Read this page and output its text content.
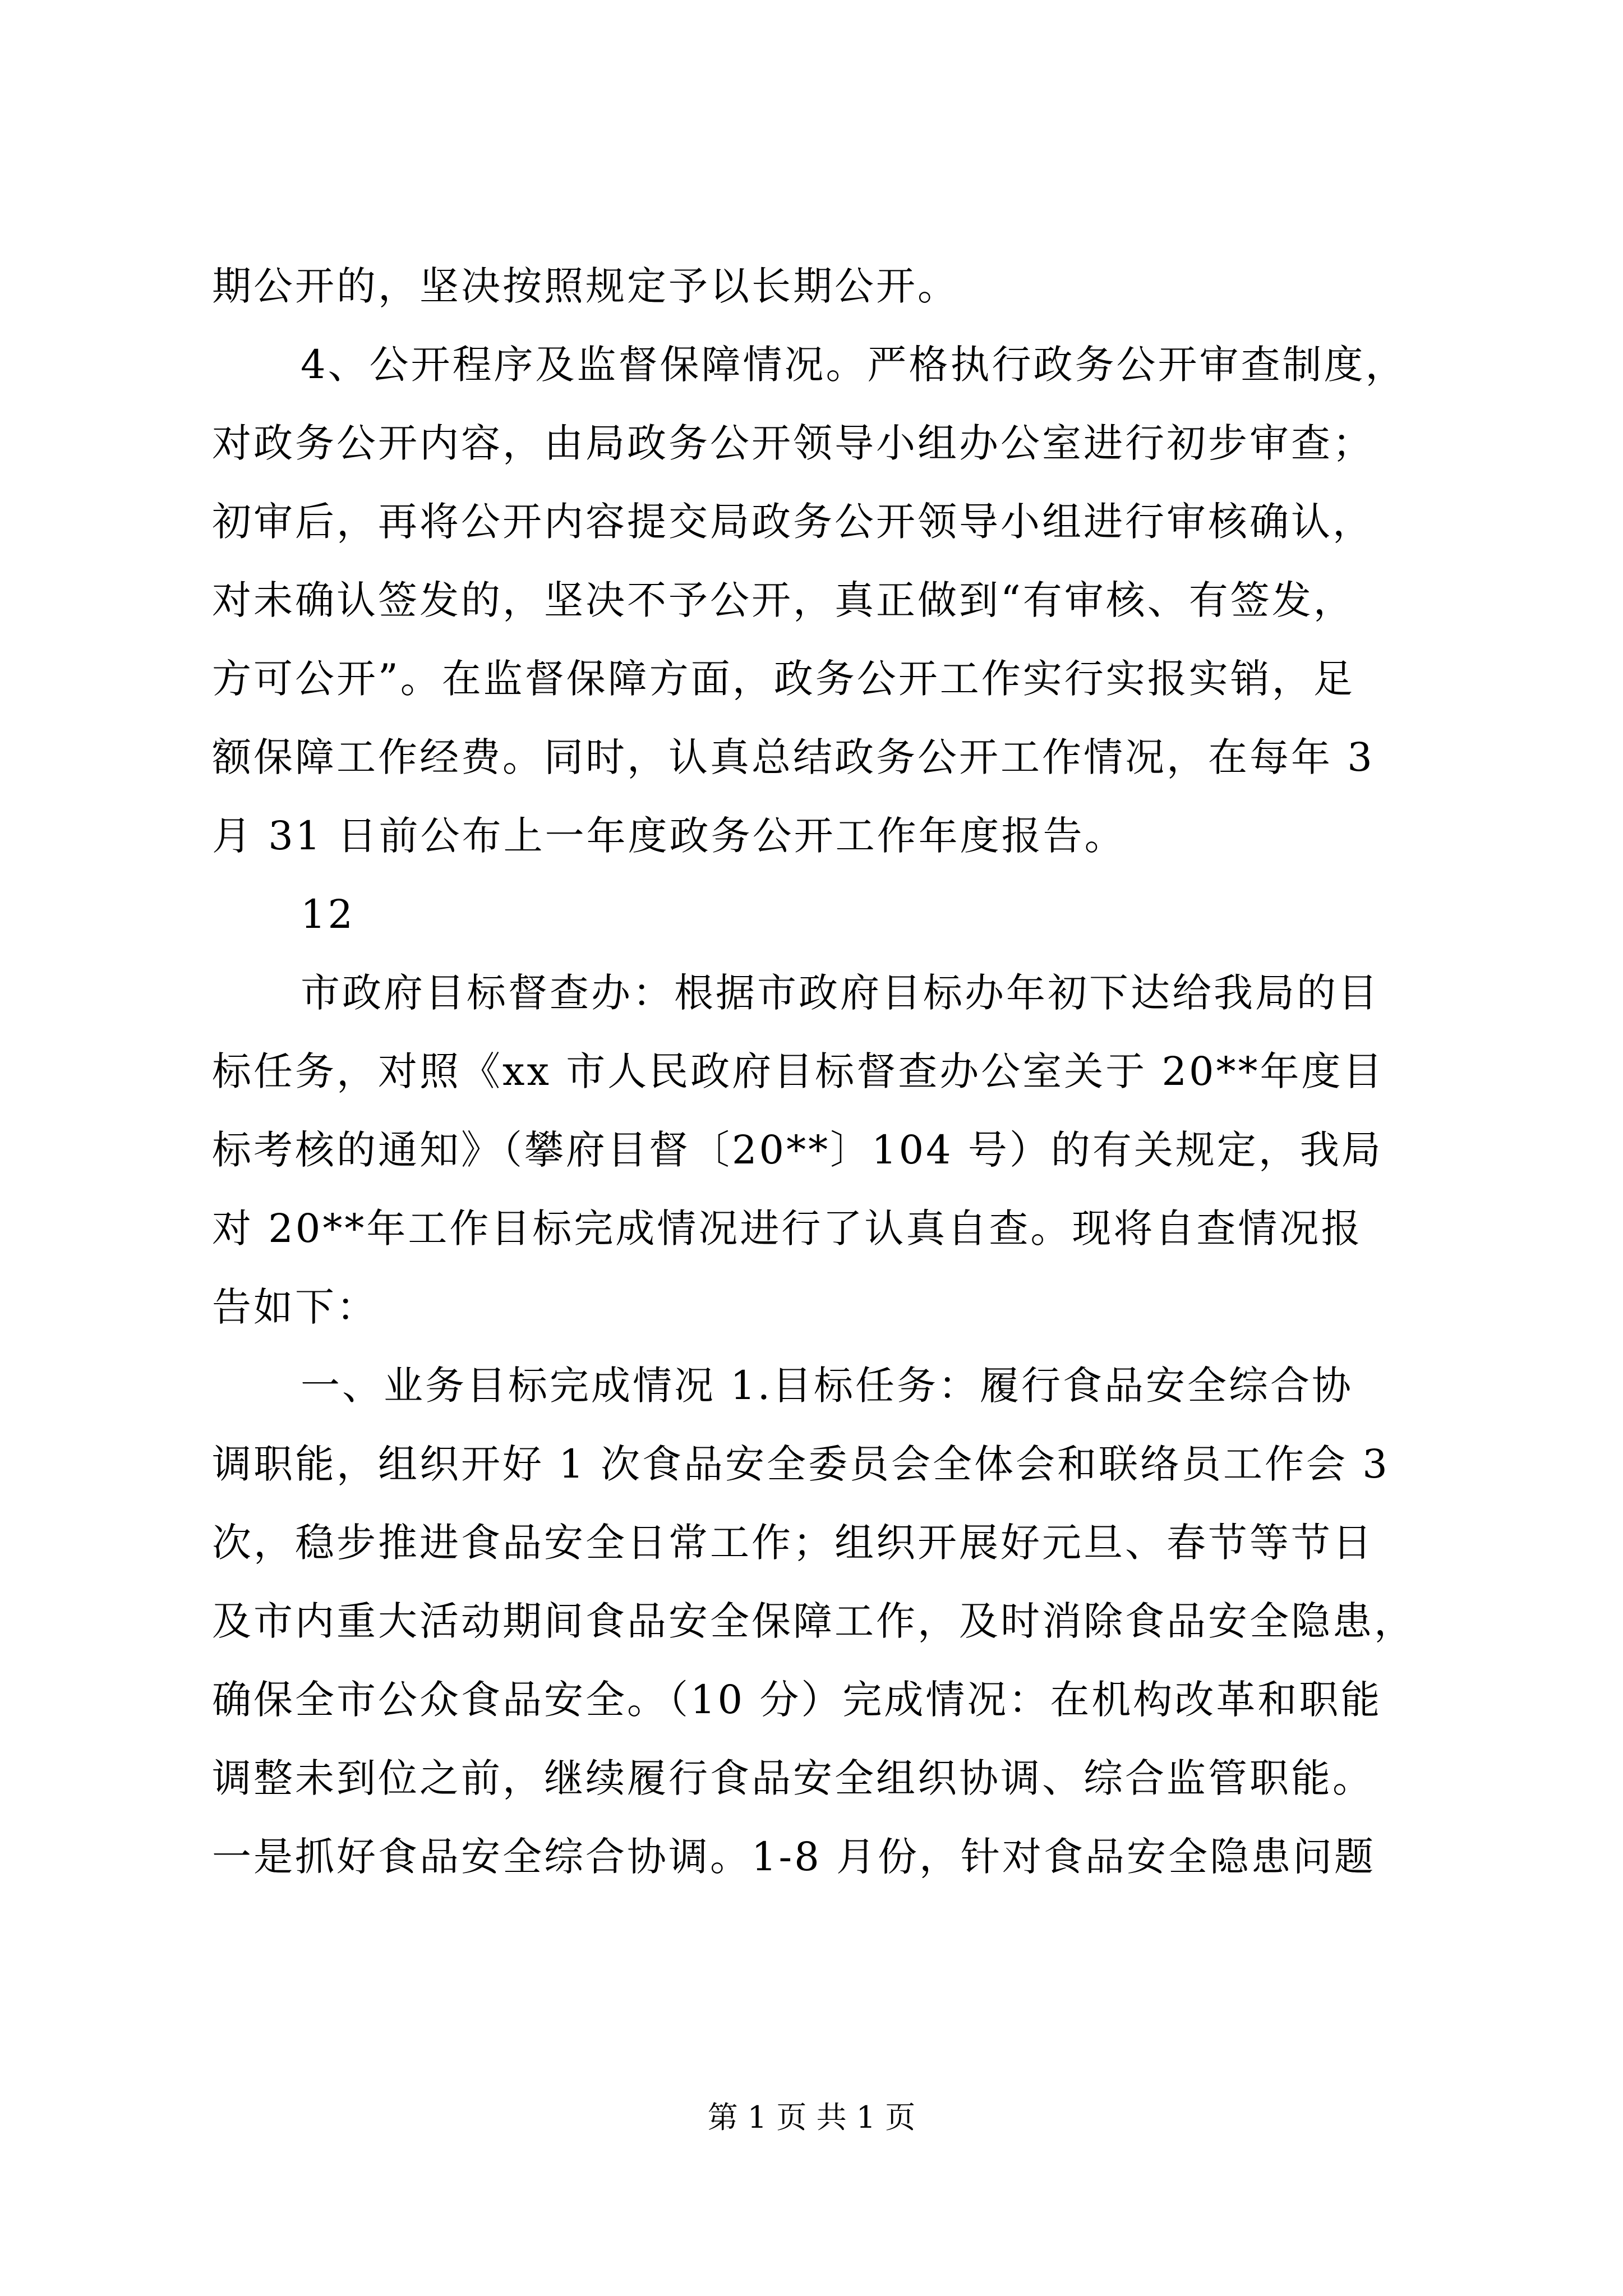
期公开的，坚决按照规定予以长期公开。
4、公开程序及监督保障情况。严格执行政务公开审查制度，
对政务公开内容，由局政务公开领导小组办公室进行初步审查；
初审后，再将公开内容提交局政务公开领导小组进行审核确认，
对未确认签发的，坚决不予公开，真正做到“有审核、有签发，
方可公开”。在监督保障方面，政务公开工作实行实报实销，足
额保障工作经费。同时，认真总结政务公开工作情况，在每年 3
月 31 日前公布上一年度政务公开工作年度报告。
12
市政府目标督查办：根据市政府目标办年初下达给我局的目
标任务，对照《xx 市人民政府目标督查办公室关于 20**年度目
标考核的通知》（攀府目督〔20**〕104 号）的有关规定，我局
对 20**年工作目标完成情况进行了认真自查。现将自查情况报
告如下：
一、业务目标完成情况 1.目标任务：履行食品安全综合协
调职能，组织开好 1 次食品安全委员会全体会和联络员工作会 3
次，稳步推进食品安全日常工作；组织开展好元旦、春节等节日
及市内重大活动期间食品安全保障工作，及时消除食品安全隐患，
确保全市公众食品安全。（10 分）完成情况：在机构改革和职能
调整未到位之前，继续履行食品安全组织协调、综合监管职能。
一是抓好食品安全综合协调。1-8 月份，针对食品安全隐患问题
第 1 页 共 1 页
